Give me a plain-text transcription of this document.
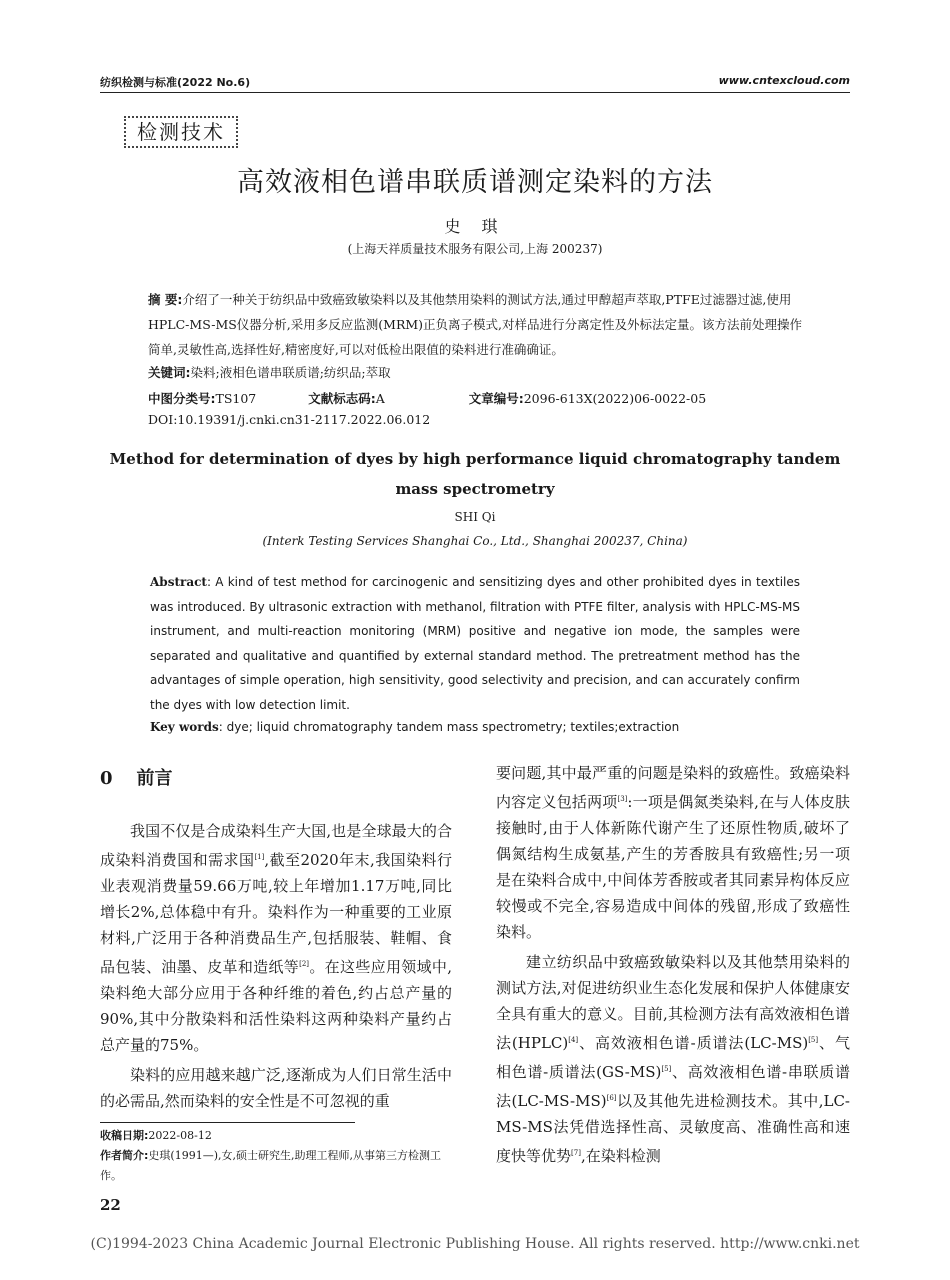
纺织检测与标准(2022 No.6)	www.cntexcloud.com
检测技术
高效液相色谱串联质谱测定染料的方法
史 琪
(上海天祥质量技术服务有限公司,上海 200237)
摘 要:介绍了一种关于纺织品中致癌致敏染料以及其他禁用染料的测试方法,通过甲醇超声萃取,PTFE过滤器过滤,使用HPLC-MS-MS仪器分析,采用多反应监测(MRM)正负离子模式,对样品进行分离定性及外标法定量。该方法前处理操作简单,灵敏性高,选择性好,精密度好,可以对低检出限值的染料进行准确确证。
关键词:染料;液相色谱串联质谱;纺织品;萃取
中图分类号:TS107	文献标志码:A	文章编号:2096-613X(2022)06-0022-05
DOI:10.19391/j.cnki.cn31-2117.2022.06.012
Method for determination of dyes by high performance liquid chromatography tandem mass spectrometry
SHI Qi
(Interk Testing Services Shanghai Co., Ltd., Shanghai 200237, China)
Abstract: A kind of test method for carcinogenic and sensitizing dyes and other prohibited dyes in textiles was introduced. By ultrasonic extraction with methanol, filtration with PTFE filter, analysis with HPLC-MS-MS instrument, and multi-reaction monitoring (MRM) positive and negative ion mode, the samples were separated and qualitative and quantified by external standard method. The pretreatment method has the advantages of simple operation, high sensitivity, good selectivity and precision, and can accurately confirm the dyes with low detection limit.
Key words: dye; liquid chromatography tandem mass spectrometry; textiles;extraction
0 前言

我国不仅是合成染料生产大国,也是全球最大的合成染料消费国和需求国[1],截至2020年末,我国染料行业表观消费量59.66万吨,较上年增加1.17万吨,同比增长2%,总体稳中有升。染料作为一种重要的工业原材料,广泛用于各种消费品生产,包括服装、鞋帽、食品包装、油墨、皮革和造纸等[2]。在这些应用领域中,染料绝大部分应用于各种纤维的着色,约占总产量的90%,其中分散染料和活性染料这两种染料产量约占总产量的75%。

染料的应用越来越广泛,逐渐成为人们日常生活中的必需品,然而染料的安全性是不可忽视的重

要问题,其中最严重的问题是染料的致癌性。致癌染料内容定义包括两项[3]:一项是偶氮类染料,在与人体皮肤接触时,由于人体新陈代谢产生了还原性物质,破坏了偶氮结构生成氨基,产生的芳香胺具有致癌性;另一项是在染料合成中,中间体芳香胺或者其同素异构体反应较慢或不完全,容易造成中间体的残留,形成了致癌性染料。

建立纺织品中致癌致敏染料以及其他禁用染料的测试方法,对促进纺织业生态化发展和保护人体健康安全具有重大的意义。目前,其检测方法有高效液相色谱法(HPLC)[4]、高效液相色谱-质谱法(LC-MS)[5]、气相色谱-质谱法(GS-MS)[5]、高效液相色谱-串联质谱法(LC-MS-MS)[6]以及其他先进检测技术。其中,LC-MS-MS法凭借选择性高、灵敏度高、准确性高和速度快等优势[7],在染料检测

收稿日期:2022-08-12
作者简介:史琪(1991—),女,硕士研究生,助理工程师,从事第三方检测工作。
22
(C)1994-2023 China Academic Journal Electronic Publishing House. All rights reserved. http://www.cnki.net
